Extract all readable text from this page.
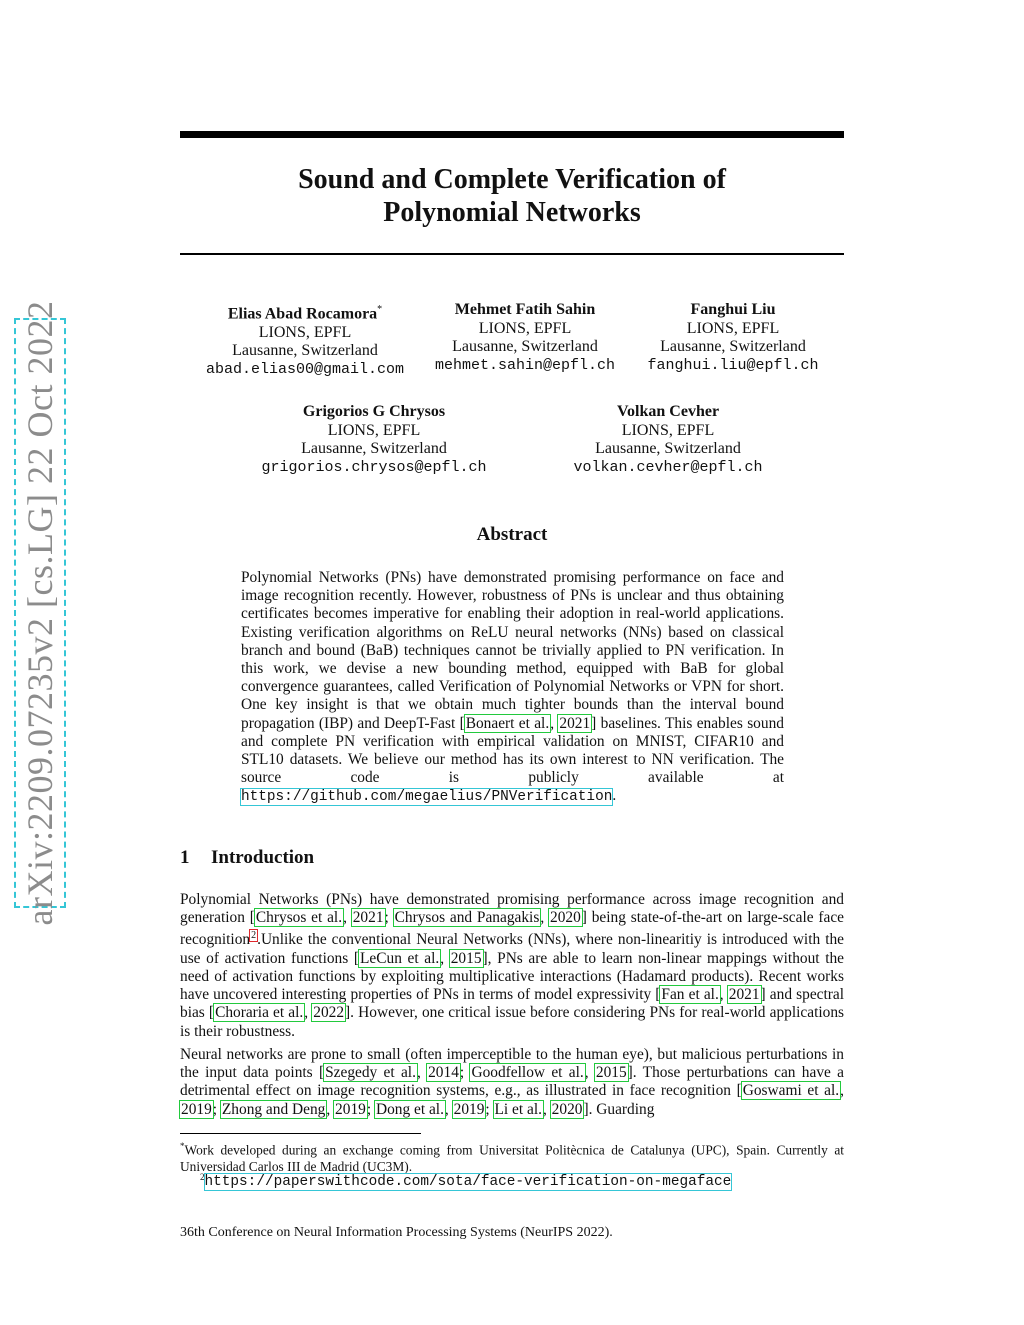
arXiv:2209.07235v2 [cs.LG] 22 Oct 2022
Sound and Complete Verification of
Polynomial Networks
Elias Abad Rocamora*
LIONS, EPFL
Lausanne, Switzerland
abad.elias00@gmail.com
Mehmet Fatih Sahin
LIONS, EPFL
Lausanne, Switzerland
mehmet.sahin@epfl.ch
Fanghui Liu
LIONS, EPFL
Lausanne, Switzerland
fanghui.liu@epfl.ch
Grigorios G Chrysos
LIONS, EPFL
Lausanne, Switzerland
grigorios.chrysos@epfl.ch
Volkan Cevher
LIONS, EPFL
Lausanne, Switzerland
volkan.cevher@epfl.ch
Abstract
Polynomial Networks (PNs) have demonstrated promising performance on face and image recognition recently. However, robustness of PNs is unclear and thus obtaining certificates becomes imperative for enabling their adoption in real-world applications. Existing verification algorithms on ReLU neural networks (NNs) based on classical branch and bound (BaB) techniques cannot be trivially applied to PN verification. In this work, we devise a new bounding method, equipped with BaB for global convergence guarantees, called Verification of Polynomial Networks or VPN for short. One key insight is that we obtain much tighter bounds than the interval bound propagation (IBP) and DeepT-Fast [Bonaert et al., 2021] baselines. This enables sound and complete PN verification with empirical validation on MNIST, CIFAR10 and STL10 datasets. We believe our method has its own interest to NN verification. The source code is publicly available at https://github.com/megaelius/PNVerification.
1 Introduction
Polynomial Networks (PNs) have demonstrated promising performance across image recognition and generation [Chrysos et al., 2021; Chrysos and Panagakis, 2020] being state-of-the-art on large-scale face recognition$^2$.Unlike the conventional Neural Networks (NNs), where non-linearitiy is introduced with the use of activation functions [LeCun et al., 2015], PNs are able to learn non-linear mappings without the need of activation functions by exploiting multiplicative interactions (Hadamard products). Recent works have uncovered interesting properties of PNs in terms of model expressivity [Fan et al., 2021] and spectral bias [Choraria et al., 2022]. However, one critical issue before considering PNs for real-world applications is their robustness.
Neural networks are prone to small (often imperceptible to the human eye), but malicious perturbations in the input data points [Szegedy et al., 2014; Goodfellow et al., 2015]. Those perturbations can have a detrimental effect on image recognition systems, e.g., as illustrated in face recognition [Goswami et al., 2019; Zhong and Deng, 2019; Dong et al., 2019; Li et al., 2020]. Guarding
*Work developed during an exchange coming from Universitat Politècnica de Catalunya (UPC), Spain. Currently at Universidad Carlos III de Madrid (UC3M).
$^2$https://paperswithcode.com/sota/face-verification-on-megaface
36th Conference on Neural Information Processing Systems (NeurIPS 2022).
